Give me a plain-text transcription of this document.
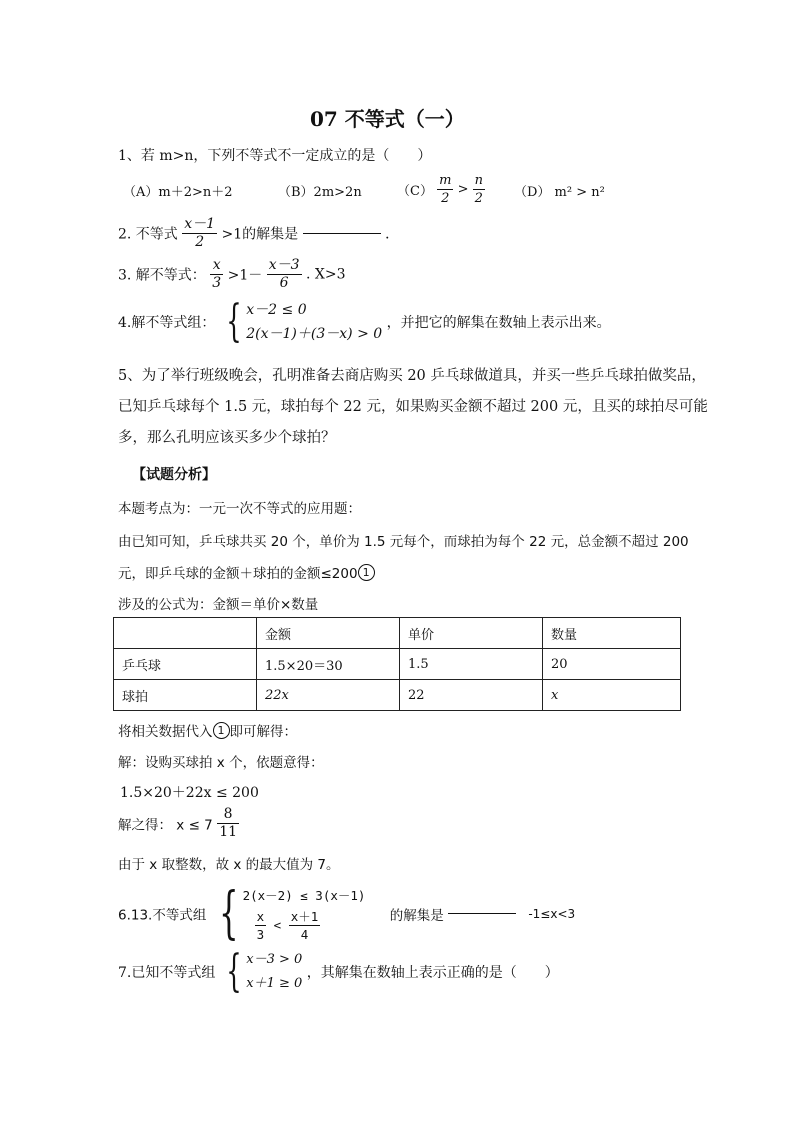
07 不等式（一）
1、若 m>n，下列不等式不一定成立的是（　　）
（A）m＋2>n＋2	（B）2m>2n	$(C) \frac{m}{2} > \frac{n}{2} (D) m^2 > n^2$
2. 不等式 $\frac{x-1}{2} >1$的解集是	．
3. 解不等式： $\frac{x}{3} >1- \frac{x-3}{6}$ . X>3
4.解不等式组： { x－2 ≤ 0
2(x－1)＋(3－x) > 0
，并把它的解集在数轴上表示出来。
5、为了举行班级晚会，孔明准备去商店购买 20 乒乓球做道具，并买一些乒乓球拍做奖品，
已知乒乓球每个 1.5 元，球拍每个 22 元，如果购买金额不超过 200 元，且买的球拍尽可能
多，那么孔明应该买多少个球拍？
【试题分析】
本题考点为：一元一次不等式的应用题：
由已知可知，乒乓球共买 20 个，单价为 1.5 元每个，而球拍为每个 22 元，总金额不超过 200
元，即乒乓球的金额＋球拍的金额≤200 1
涉及的公式为：金额＝单价×数量
	金额	单价	数量
乒乓球	1.5×20＝30	1.5	20
球拍	22x	22	x
将相关数据代入 1 即可解得：
解：设购买球拍 x 个，依题意得：
1.5×20＋22x ≤ 200
解之得： $x \le 7 \frac{8}{11}$
由于 x 取整数，故 x 的最大值为 7。
6.13.不等式组 { 2(x－2) ≤ 3(x－1)
$\frac{x}{3} < \frac{x+1}{4}$	的解集是	-1≤x<3
7.已知不等式组 { x－3 > 0
x＋1 ≥ 0
，其解集在数轴上表示正确的是（　　）
